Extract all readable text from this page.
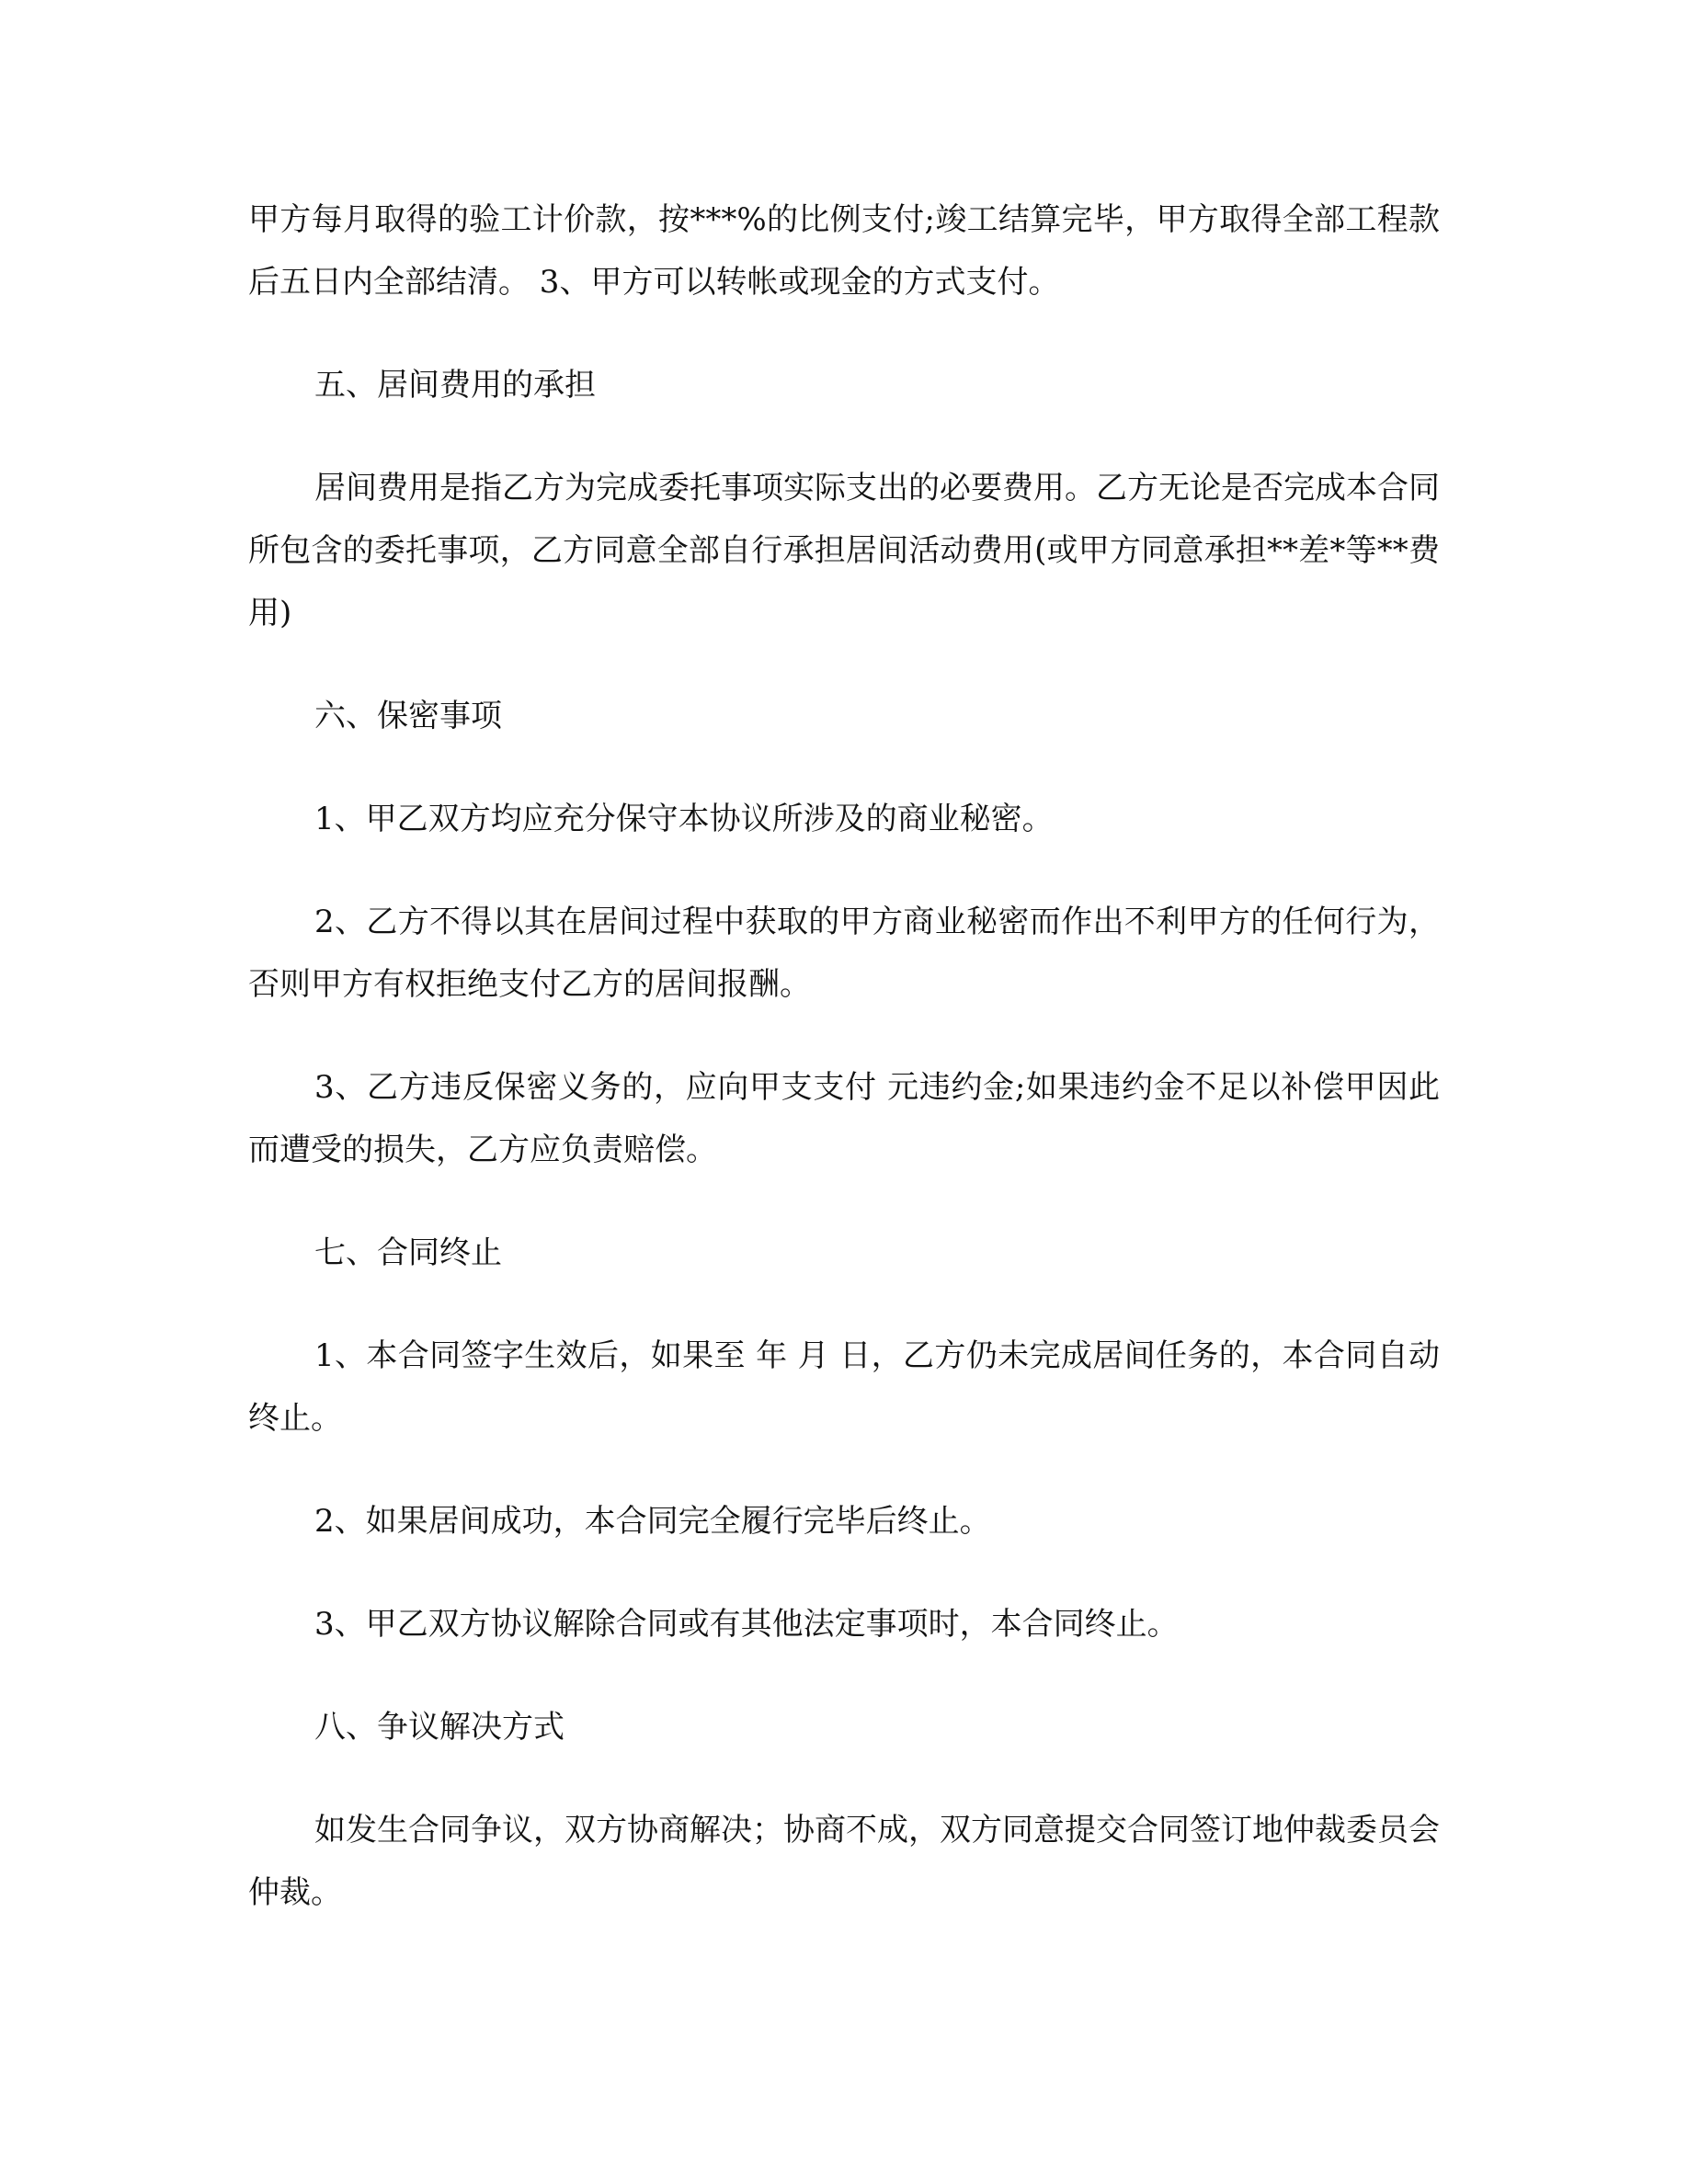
甲方每月取得的验工计价款，按***%的比例支付;竣工结算完毕，甲方取得全部工程款后五日内全部结清。 3、甲方可以转帐或现金的方式支付。

五、居间费用的承担

居间费用是指乙方为完成委托事项实际支出的必要费用。乙方无论是否完成本合同所包含的委托事项，乙方同意全部自行承担居间活动费用(或甲方同意承担**差*等**费用)

六、保密事项

1、甲乙双方均应充分保守本协议所涉及的商业秘密。

2、乙方不得以其在居间过程中获取的甲方商业秘密而作出不利甲方的任何行为，否则甲方有权拒绝支付乙方的居间报酬。

3、乙方违反保密义务的，应向甲支支付 元违约金;如果违约金不足以补偿甲因此而遭受的损失，乙方应负责赔偿。

七、合同终止

1、本合同签字生效后，如果至 年 月 日，乙方仍未完成居间任务的，本合同自动终止。

2、如果居间成功，本合同完全履行完毕后终止。

3、甲乙双方协议解除合同或有其他法定事项时，本合同终止。

八、争议解决方式

如发生合同争议，双方协商解决；协商不成，双方同意提交合同签订地仲裁委员会仲裁。
